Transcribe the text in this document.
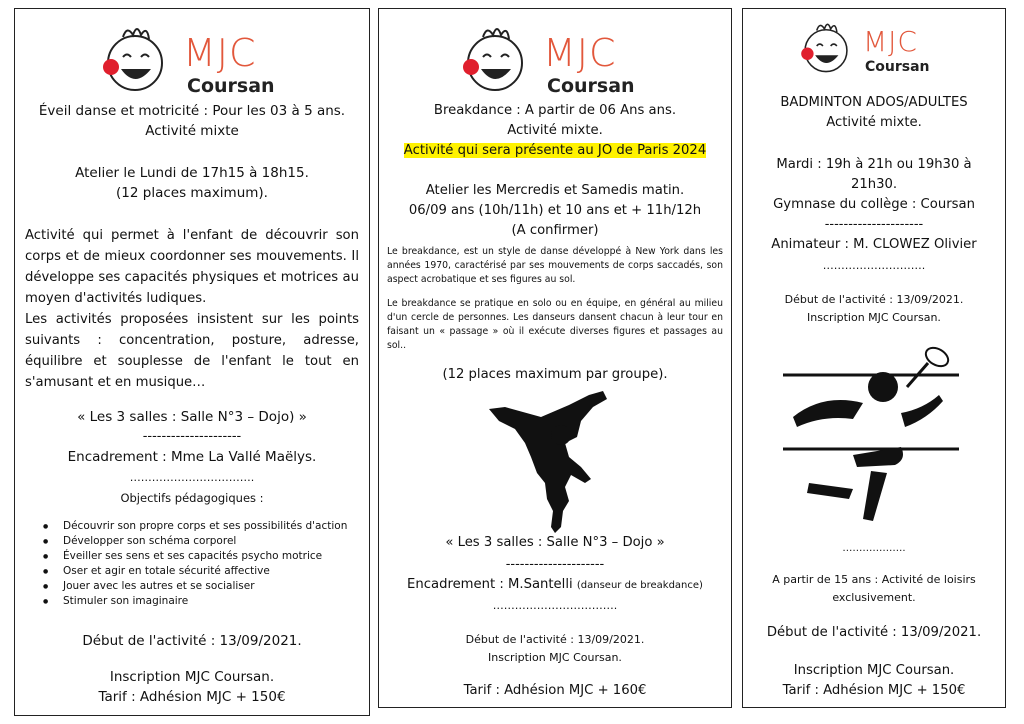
MJC
Coursan
Éveil danse et motricité : Pour les 03 à 5 ans.
Activité mixte
Atelier le Lundi de 17h15 à 18h15.
(12 places maximum).
Activité qui permet à l'enfant de découvrir son corps et de mieux coordonner ses mouvements. Il développe ses capacités physiques et motrices au moyen d'activités ludiques.
Les activités proposées insistent sur les points suivants : concentration, posture, adresse, équilibre et souplesse de l'enfant le tout en s'amusant et en musique…
« Les 3 salles : Salle N°3 – Dojo) »
---------------------
Encadrement : Mme La Vallé Maëlys.
…………………………….
Objectifs pédagogiques :
● Découvrir son propre corps et ses possibilités d'action
● Développer son schéma corporel
● Éveiller ses sens et ses capacités psycho motrice
● Oser et agir en totale sécurité affective
● Jouer avec les autres et se socialiser
● Stimuler son imaginaire
Début de l'activité : 13/09/2021.
Inscription MJC Coursan.
Tarif : Adhésion MJC + 150€
MJC
Coursan
Breakdance : A partir de 06 Ans ans.
Activité mixte.
Activité qui sera présente au JO de Paris 2024
Atelier les Mercredis et Samedis matin.
06/09 ans (10h/11h) et 10 ans et + 11h/12h
(A confirmer)
Le breakdance, est un style de danse développé à New York dans les années 1970, caractérisé par ses mouvements de corps saccadés, son aspect acrobatique et ses figures au sol.
Le breakdance se pratique en solo ou en équipe, en général au milieu d'un cercle de personnes. Les danseurs dansent chacun à leur tour en faisant un « passage » où il exécute diverses figures et passages au sol..
(12 places maximum par groupe).
« Les 3 salles : Salle N°3 – Dojo »
---------------------
Encadrement : M.Santelli (danseur de breakdance)
…………………………….
Début de l'activité : 13/09/2021.
Inscription MJC Coursan.
Tarif : Adhésion MJC + 160€
MJC
Coursan
BADMINTON ADOS/ADULTES
Activité mixte.
Mardi : 19h à 21h ou 19h30 à
21h30.
Gymnase du collège : Coursan
---------------------
Animateur : M. CLOWEZ Olivier
……………………….
Début de l'activité : 13/09/2021.
Inscription MJC Coursan.
……………….
A partir de 15 ans : Activité de loisirs
exclusivement.
Début de l'activité : 13/09/2021.
Inscription MJC Coursan.
Tarif : Adhésion MJC + 150€
